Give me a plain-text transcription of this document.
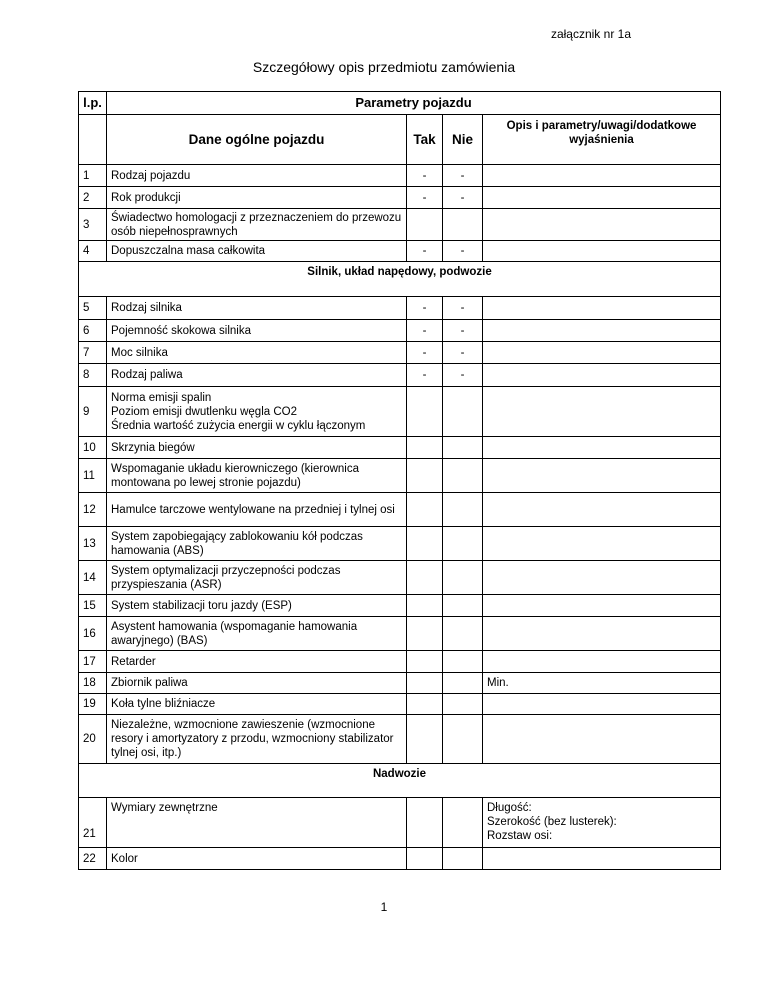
załącznik nr 1a
Szczegółowy opis przedmiotu zamówienia
l.p.	Parametry pojazdu			
	Dane ogólne pojazdu	Tak	Nie	Opis i parametry/uwagi/dodatkowe
wyjaśnienia

1	Rodzaj pojazdu	-	-	
2	Rok produkcji	-	-	
3	Świadectwo homologacji z przeznaczeniem do przewozu osób niepełnosprawnych			
4	Dopuszczalna masa całkowita	-	-	
Silnik, układ napędowy, podwozie				
5	Rodzaj silnika	-	-	
6	Pojemność skokowa silnika	-	-	
7	Moc silnika	-	-	
8	Rodzaj paliwa	-	-	
9	Norma emisji spalin
Poziom emisji dwutlenku węgla CO2
Średnia wartość zużycia energii w cyklu łączonym			

10	Skrzynia biegów			
11	Wspomaganie układu kierowniczego (kierownica montowana po lewej stronie pojazdu)			
12	Hamulce tarczowe wentylowane na przedniej i tylnej osi			
13	System zapobiegający zablokowaniu kół podczas hamowania (ABS)			
14	System optymalizacji przyczepności podczas przyspieszania (ASR)			
15	System stabilizacji toru jazdy (ESP)			
16	Asystent hamowania (wspomaganie hamowania awaryjnego) (BAS)			
17	Retarder			
18	Zbiornik paliwa			Min.
19	Koła tylne bliźniacze			
20	Niezależne, wzmocnione zawieszenie (wzmocnione resory i amortyzatory z przodu, wzmocniony stabilizator tylnej osi, itp.)			
Nadwozie				
21	Wymiary zewnętrzne			Długość:
Szerokość (bez lusterek):
Rozstaw osi:

22	Kolor			
1
